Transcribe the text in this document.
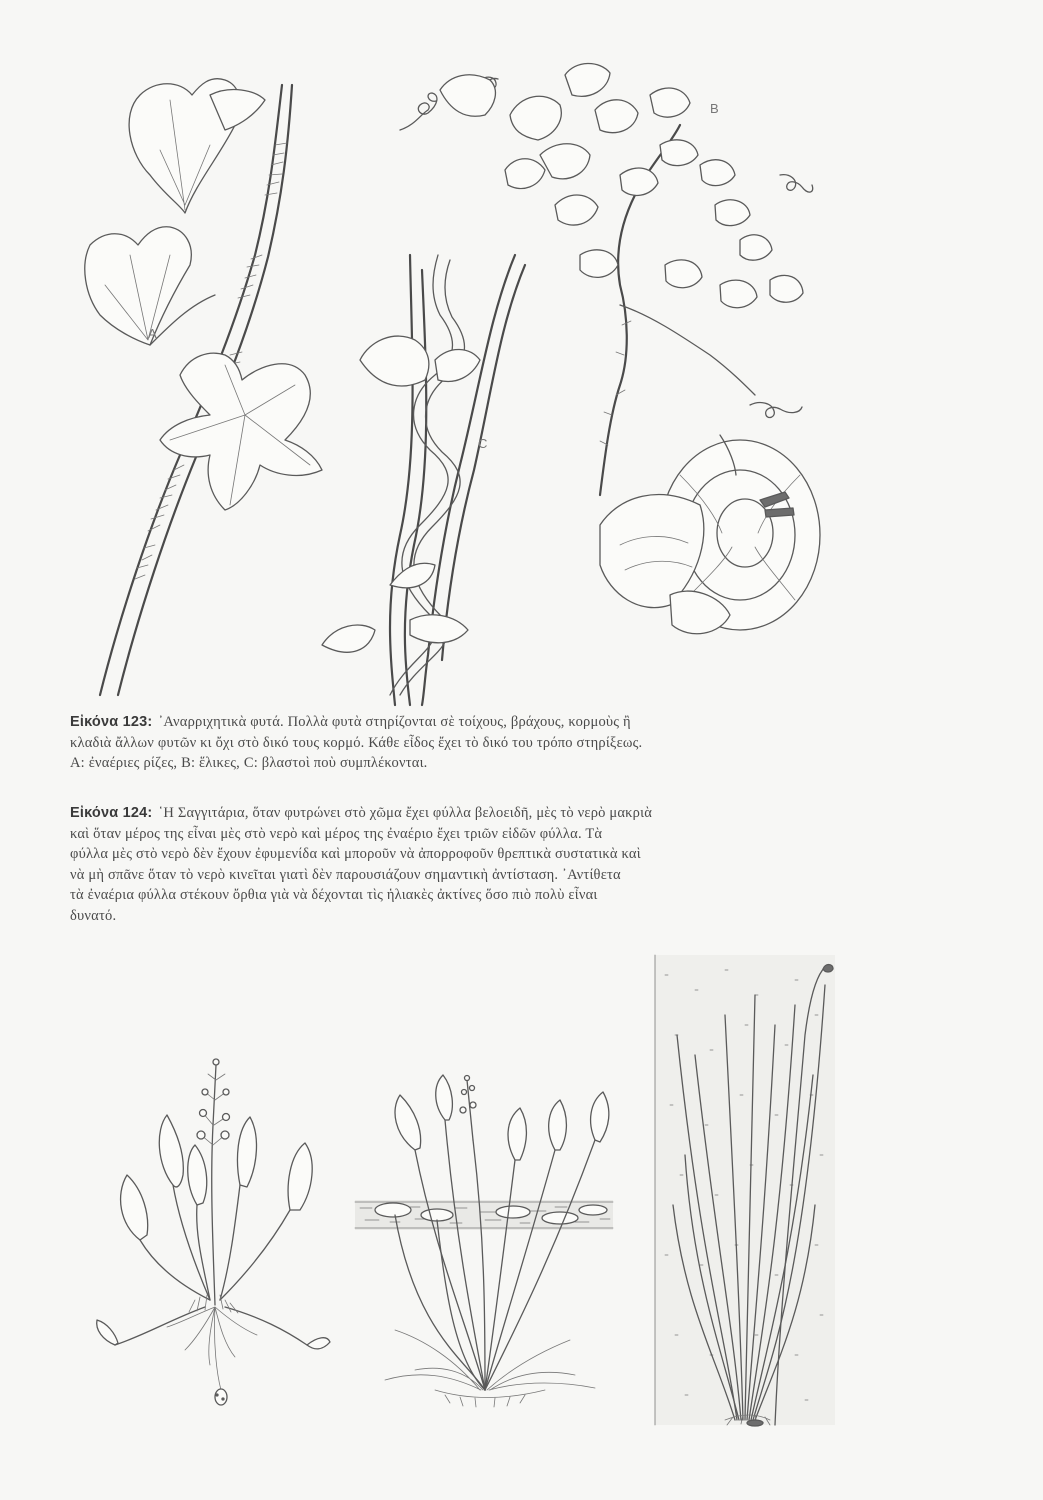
A
C
B
Εἰκόνα 123: ᾿Αναρριχητικὰ φυτά. Πολλὰ φυτὰ στηρίζονται σὲ τοίχους, βράχους, κορμοὺς ἢ
κλαδιὰ ἄλλων φυτῶν κι ὄχι στὸ δικό τους κορμό. Κάθε εἶδος ἔχει τὸ δικό του τρόπο στηρίξεως.
Α: ἐναέριες ρίζες, Β: ἕλικες, C: βλαστοὶ ποὺ συμπλέκονται.
Εἰκόνα 124: ῾Η Σαγγιτάρια, ὅταν φυτρώνει στὸ χῶμα ἔχει φύλλα βελοειδῆ, μὲς τὸ νερὸ μακριὰ
καὶ ὅταν μέρος της εἶναι μὲς στὸ νερὸ καὶ μέρος της ἐναέριο ἔχει τριῶν εἰδῶν φύλλα. Τὰ
φύλλα μὲς στὸ νερὸ δὲν ἔχουν ἐφυμενίδα καὶ μποροῦν νὰ ἀπορροφοῦν θρεπτικὰ συστατικὰ καὶ
νὰ μὴ σπᾶνε ὅταν τὸ νερὸ κινεῖται γιατὶ δὲν παρουσιάζουν σημαντικὴ ἀντίσταση. ᾿Αντίθετα
τὰ ἐναέρια φύλλα στέκουν ὄρθια γιὰ νὰ δέχονται τὶς ἡλιακὲς ἀκτίνες ὅσο πιὸ πολὺ εἶναι
δυνατό.
